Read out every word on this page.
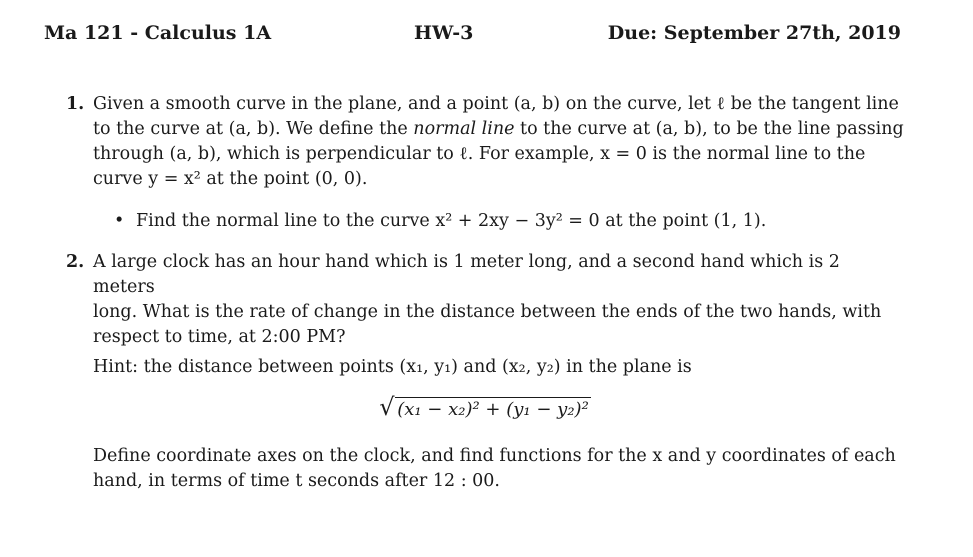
Ma 121 - Calculus 1A	HW-3	Due: September 27th, 2019
1. Given a smooth curve in the plane, and a point (a, b) on the curve, let ℓ be the tangent line
to the curve at (a, b). We define the normal line to the curve at (a, b), to be the line passing
through (a, b), which is perpendicular to ℓ. For example, x = 0 is the normal line to the
curve y = x² at the point (0, 0).
• Find the normal line to the curve x² + 2xy − 3y² = 0 at the point (1, 1).
2. A large clock has an hour hand which is 1 meter long, and a second hand which is 2 meters
long. What is the rate of change in the distance between the ends of the two hands, with
respect to time, at 2:00 PM?
Hint: the distance between points (x₁, y₁) and (x₂, y₂) in the plane is
√ (x₁ − x₂)² + (y₁ − y₂)²
Define coordinate axes on the clock, and find functions for the x and y coordinates of each
hand, in terms of time t seconds after 12 : 00.
